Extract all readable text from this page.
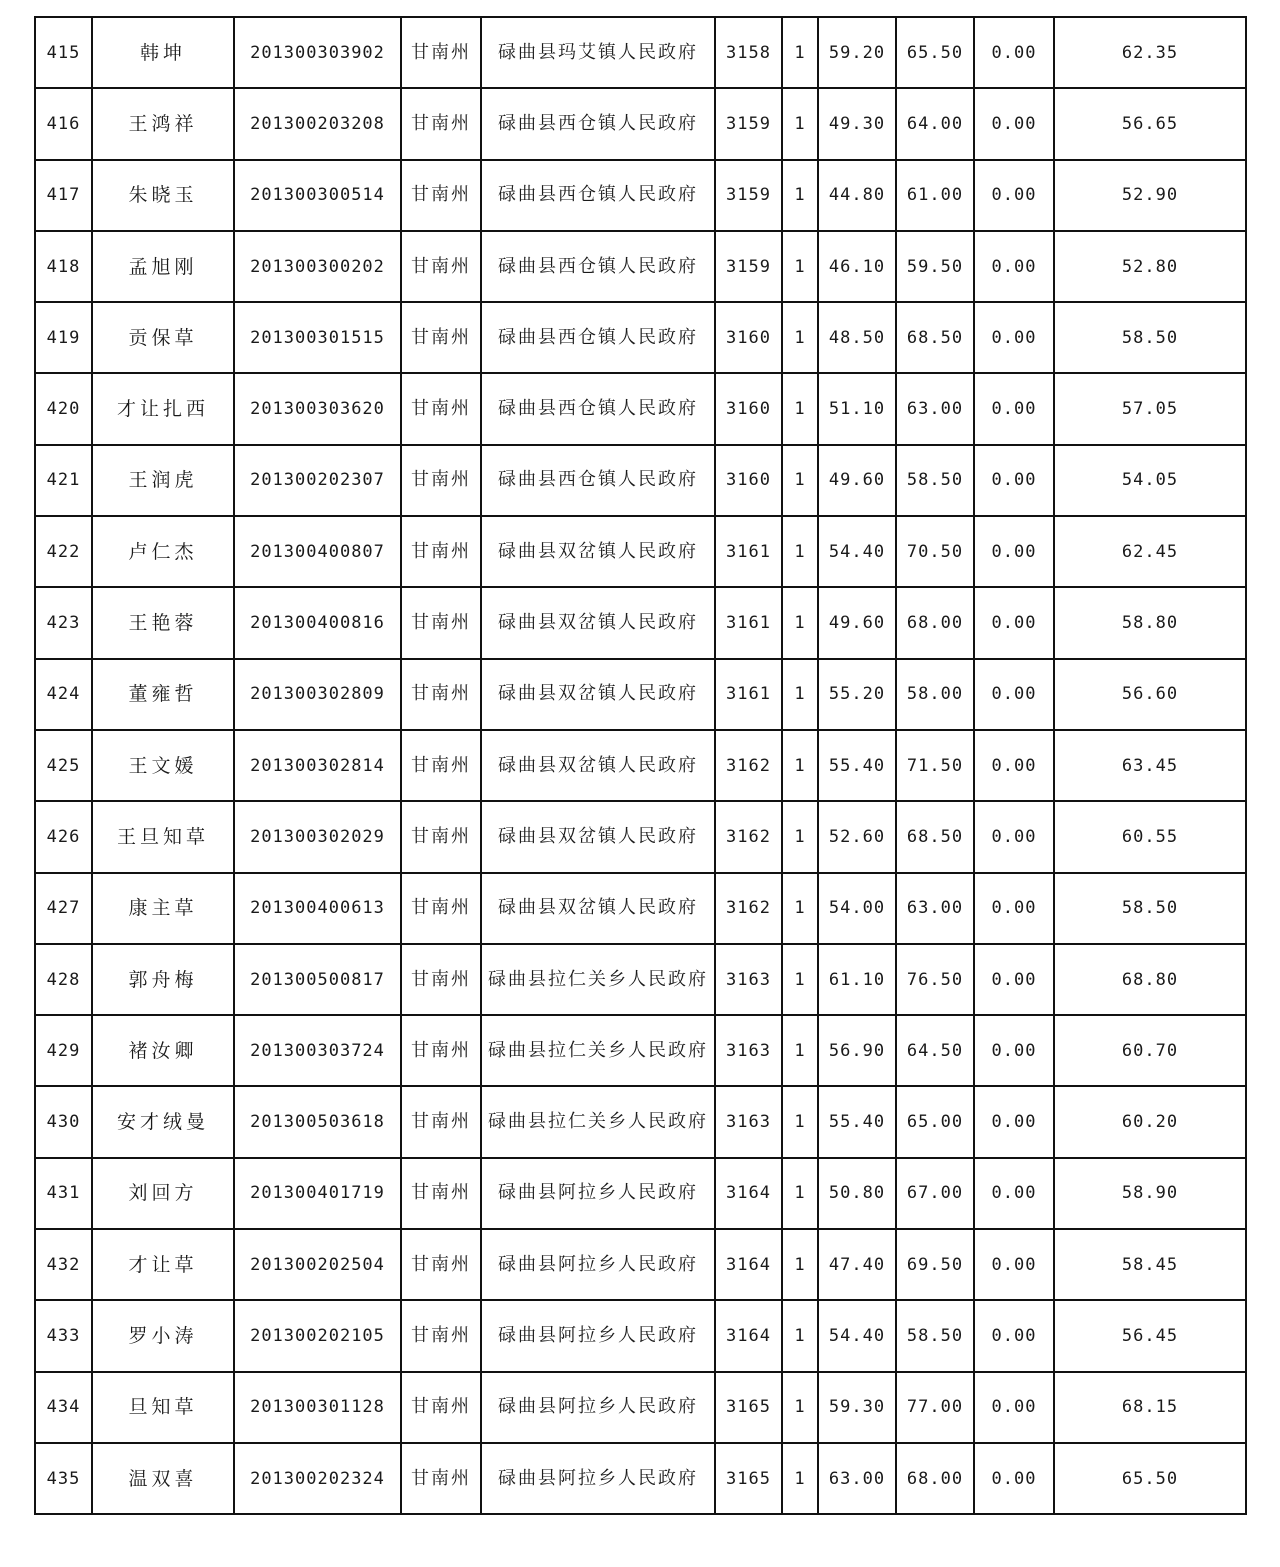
415	韩坤	201300303902	甘南州	碌曲县玛艾镇人民政府	3158	1	59.20	65.50	0.00	62.35
416	王鸿祥	201300203208	甘南州	碌曲县西仓镇人民政府	3159	1	49.30	64.00	0.00	56.65
417	朱晓玉	201300300514	甘南州	碌曲县西仓镇人民政府	3159	1	44.80	61.00	0.00	52.90
418	孟旭刚	201300300202	甘南州	碌曲县西仓镇人民政府	3159	1	46.10	59.50	0.00	52.80
419	贡保草	201300301515	甘南州	碌曲县西仓镇人民政府	3160	1	48.50	68.50	0.00	58.50
420	才让扎西	201300303620	甘南州	碌曲县西仓镇人民政府	3160	1	51.10	63.00	0.00	57.05
421	王润虎	201300202307	甘南州	碌曲县西仓镇人民政府	3160	1	49.60	58.50	0.00	54.05
422	卢仁杰	201300400807	甘南州	碌曲县双岔镇人民政府	3161	1	54.40	70.50	0.00	62.45
423	王艳蓉	201300400816	甘南州	碌曲县双岔镇人民政府	3161	1	49.60	68.00	0.00	58.80
424	董雍哲	201300302809	甘南州	碌曲县双岔镇人民政府	3161	1	55.20	58.00	0.00	56.60
425	王文媛	201300302814	甘南州	碌曲县双岔镇人民政府	3162	1	55.40	71.50	0.00	63.45
426	王旦知草	201300302029	甘南州	碌曲县双岔镇人民政府	3162	1	52.60	68.50	0.00	60.55
427	康主草	201300400613	甘南州	碌曲县双岔镇人民政府	3162	1	54.00	63.00	0.00	58.50
428	郭舟梅	201300500817	甘南州	碌曲县拉仁关乡人民政府	3163	1	61.10	76.50	0.00	68.80
429	褚汝卿	201300303724	甘南州	碌曲县拉仁关乡人民政府	3163	1	56.90	64.50	0.00	60.70
430	安才绒曼	201300503618	甘南州	碌曲县拉仁关乡人民政府	3163	1	55.40	65.00	0.00	60.20
431	刘回方	201300401719	甘南州	碌曲县阿拉乡人民政府	3164	1	50.80	67.00	0.00	58.90
432	才让草	201300202504	甘南州	碌曲县阿拉乡人民政府	3164	1	47.40	69.50	0.00	58.45
433	罗小涛	201300202105	甘南州	碌曲县阿拉乡人民政府	3164	1	54.40	58.50	0.00	56.45
434	旦知草	201300301128	甘南州	碌曲县阿拉乡人民政府	3165	1	59.30	77.00	0.00	68.15
435	温双喜	201300202324	甘南州	碌曲县阿拉乡人民政府	3165	1	63.00	68.00	0.00	65.50
